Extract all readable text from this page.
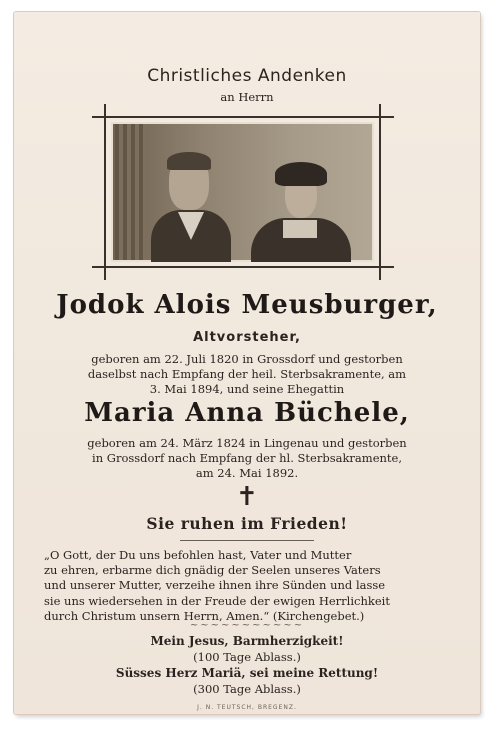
Christliches Andenken
an Herrn
Jodok Alois Meusburger,
Altvorsteher,
geboren am 22. Juli 1820 in Grossdorf und gestorben
daselbst nach Empfang der heil. Sterbsakramente, am
3. Mai 1894, und seine Ehegattin
Maria Anna Büchele,
geboren am 24. März 1824 in Lingenau und gestorben
in Grossdorf nach Empfang der hl. Sterbsakramente,
am 24. Mai 1892.
✝
Sie ruhen im Frieden!
„O Gott, der Du uns befohlen hast, Vater und Mutter
zu ehren, erbarme dich gnädig der Seelen unseres Vaters
und unserer Mutter, verzeihe ihnen ihre Sünden und lasse
sie uns wiedersehen in der Freude der ewigen Herrlichkeit
durch Christum unsern Herrn, Amen.“ (Kirchengebet.)
~~~~~~~~~~~
Mein Jesus, Barmherzigkeit!
(100 Tage Ablass.)
Süsses Herz Mariä, sei meine Rettung!
(300 Tage Ablass.)
J. N. TEUTSCH, BREGENZ.
